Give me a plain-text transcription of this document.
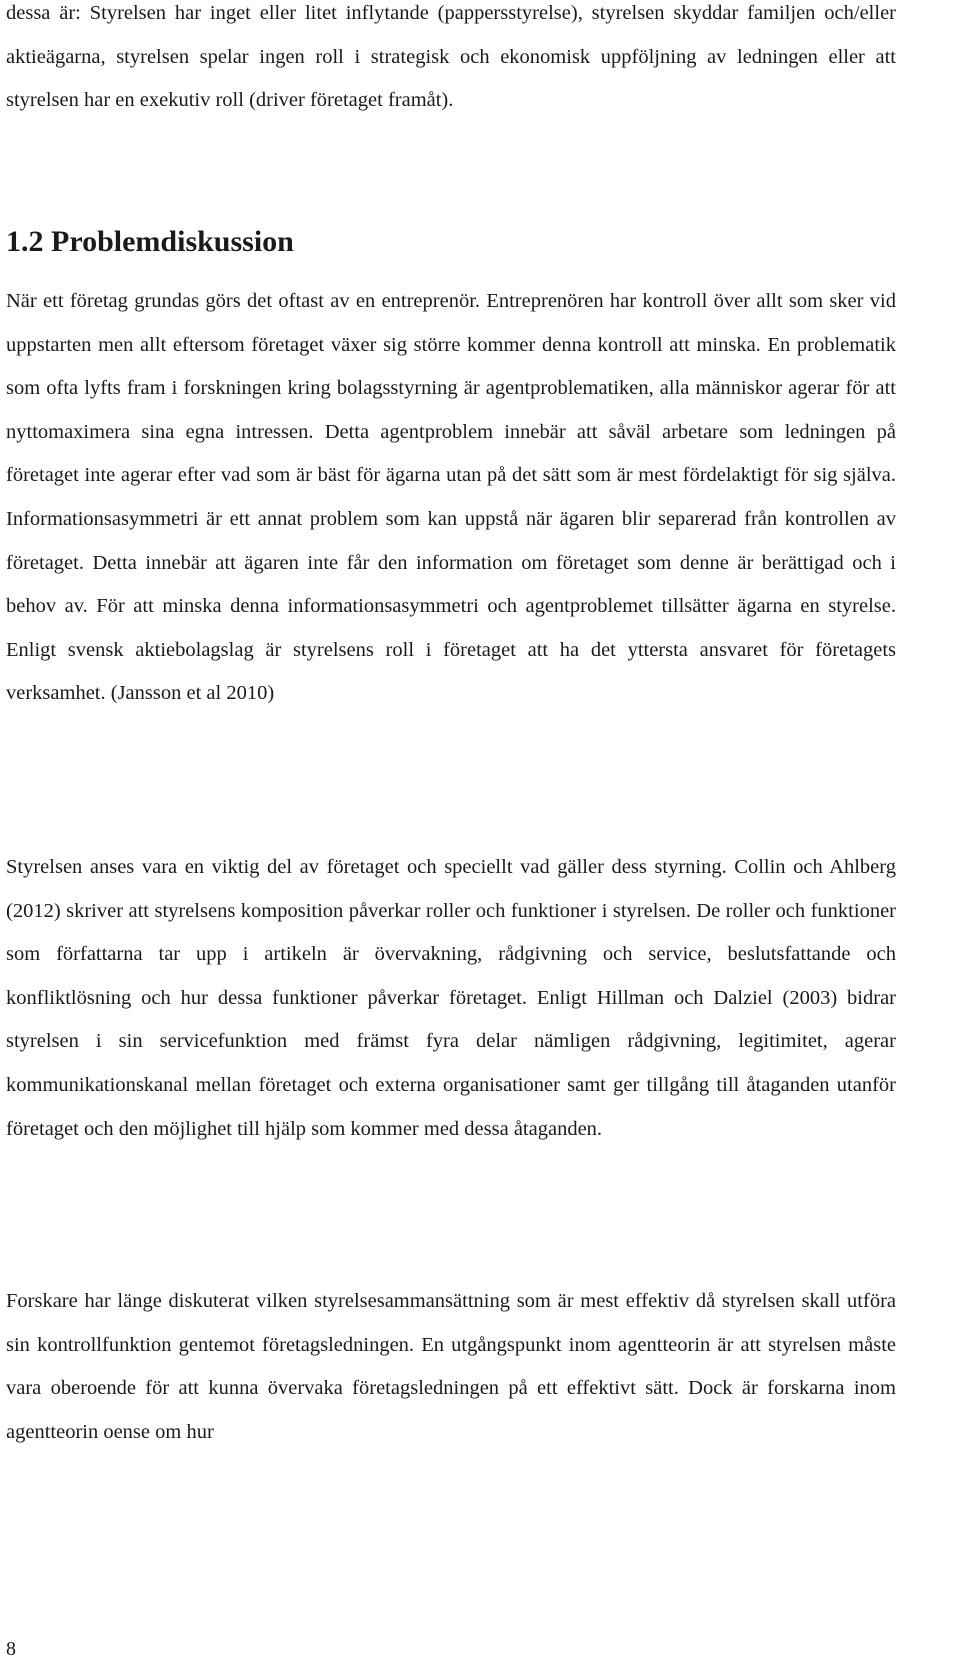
dessa är: Styrelsen har inget eller litet inflytande (pappersstyrelse), styrelsen skyddar familjen och/eller aktieägarna, styrelsen spelar ingen roll i strategisk och ekonomisk uppföljning av ledningen eller att styrelsen har en exekutiv roll (driver företaget framåt).

1.2 Problemdiskussion

När ett företag grundas görs det oftast av en entreprenör. Entreprenören har kontroll över allt som sker vid uppstarten men allt eftersom företaget växer sig större kommer denna kontroll att minska. En problematik som ofta lyfts fram i forskningen kring bolagsstyrning är agentproblematiken, alla människor agerar för att nyttomaximera sina egna intressen. Detta agentproblem innebär att såväl arbetare som ledningen på företaget inte agerar efter vad som är bäst för ägarna utan på det sätt som är mest fördelaktigt för sig själva. Informationsasymmetri är ett annat problem som kan uppstå när ägaren blir separerad från kontrollen av företaget. Detta innebär att ägaren inte får den information om företaget som denne är berättigad och i behov av. För att minska denna informationsasymmetri och agentproblemet tillsätter ägarna en styrelse. Enligt svensk aktiebolagslag är styrelsens roll i företaget att ha det yttersta ansvaret för företagets verksamhet. (Jansson et al 2010)

Styrelsen anses vara en viktig del av företaget och speciellt vad gäller dess styrning. Collin och Ahlberg (2012) skriver att styrelsens komposition påverkar roller och funktioner i styrelsen. De roller och funktioner som författarna tar upp i artikeln är övervakning, rådgivning och service, beslutsfattande och konfliktlösning och hur dessa funktioner påverkar företaget. Enligt Hillman och Dalziel (2003) bidrar styrelsen i sin servicefunktion med främst fyra delar nämligen rådgivning, legitimitet, agerar kommunikationskanal mellan företaget och externa organisationer samt ger tillgång till åtaganden utanför företaget och den möjlighet till hjälp som kommer med dessa åtaganden.

Forskare har länge diskuterat vilken styrelsesammansättning som är mest effektiv då styrelsen skall utföra sin kontrollfunktion gentemot företagsledningen. En utgångspunkt inom agentteorin är att styrelsen måste vara oberoende för att kunna övervaka företagsledningen på ett effektivt sätt. Dock är forskarna inom agentteorin oense om hur

8
